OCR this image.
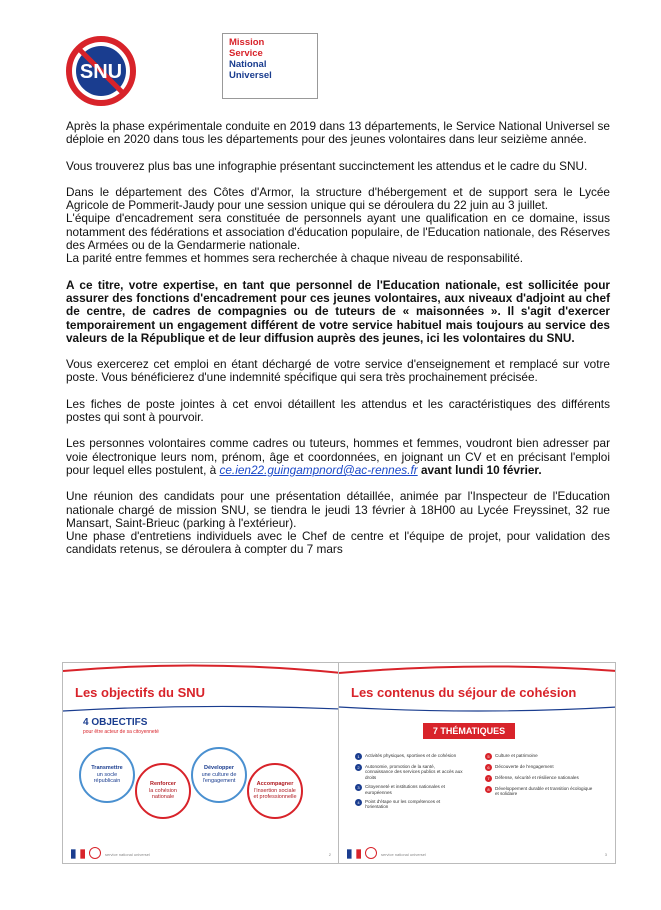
SNU
Mission
Service
National
Universel

Après la phase expérimentale conduite en 2019 dans 13 départements, le Service National Universel se déploie en 2020 dans tous les départements pour des jeunes volontaires dans leur seizième année.

Vous trouverez plus bas une infographie présentant succinctement les attendus et le cadre du SNU.

Dans le département des Côtes d'Armor, la structure d'hébergement et de support sera le Lycée Agricole de Pommerit-Jaudy pour une session unique qui se déroulera du 22 juin au 3 juillet.

L'équipe d'encadrement sera constituée de personnels ayant une qualification en ce domaine, issus notamment des fédérations et association d'éducation populaire, de l'Education nationale, des Réserves des Armées ou de la Gendarmerie nationale.

La parité entre femmes et hommes sera recherchée à chaque niveau de responsabilité.

A ce titre, votre expertise, en tant que personnel de l'Education nationale, est sollicitée pour assurer des fonctions d'encadrement pour ces jeunes volontaires, aux niveaux d'adjoint au chef de centre, de cadres de compagnies ou de tuteurs de « maisonnées ». Il s'agit d'exercer temporairement un engagement différent de votre service habituel mais toujours au service des valeurs de la République et de leur diffusion auprès des jeunes, ici les volontaires du SNU.

Vous exercerez cet emploi en étant déchargé de votre service d'enseignement et remplacé sur votre poste. Vous bénéficierez d'une indemnité spécifique qui sera très prochainement précisée.

Les fiches de poste jointes à cet envoi détaillent les attendus et les caractéristiques des différents postes qui sont à pourvoir.

Les personnes volontaires comme cadres ou tuteurs, hommes et femmes, voudront bien adresser par voie électronique leurs nom, prénom, âge et coordonnées, en joignant un CV et en précisant l'emploi pour lequel elles postulent, à ce.ien22.guingampnord@ac-rennes.fr avant lundi 10 février.

Une réunion des candidats pour une présentation détaillée, animée par l'Inspecteur de l'Education nationale chargé de mission SNU, se tiendra le jeudi 13 février à 18H00 au Lycée Freyssinet, 32 rue Mansart, Saint-Brieuc (parking à l'extérieur).

Une phase d'entretiens individuels avec le Chef de centre et l'équipe de projet, pour validation des candidats retenus, se déroulera à compter du 7 mars

Les objectifs du SNU
4 OBJECTIFS
pour être acteur de sa citoyenneté
Transmettre
un socle républicain	Renforcer
la cohésion nationale
Développer
une culture de l'engagement	Accompagner
l'insertion sociale et professionnelle
service national universel	2
Les contenus du séjour de cohésion
7 THÉMATIQUES
1	Activités physiques, sportives et de cohésion
2	Autonomie, promotion de la santé, connaissance des services publics et accès aux droits
3	Citoyenneté et institutions nationales et européennes
4	Point d'étape sur les compétences et l'orientation
5	Culture et patrimoine
6	Découverte de l'engagement
7	Défense, sécurité et résilience nationales
8	Développement durable et transition écologique et solidaire
service national universel	3
